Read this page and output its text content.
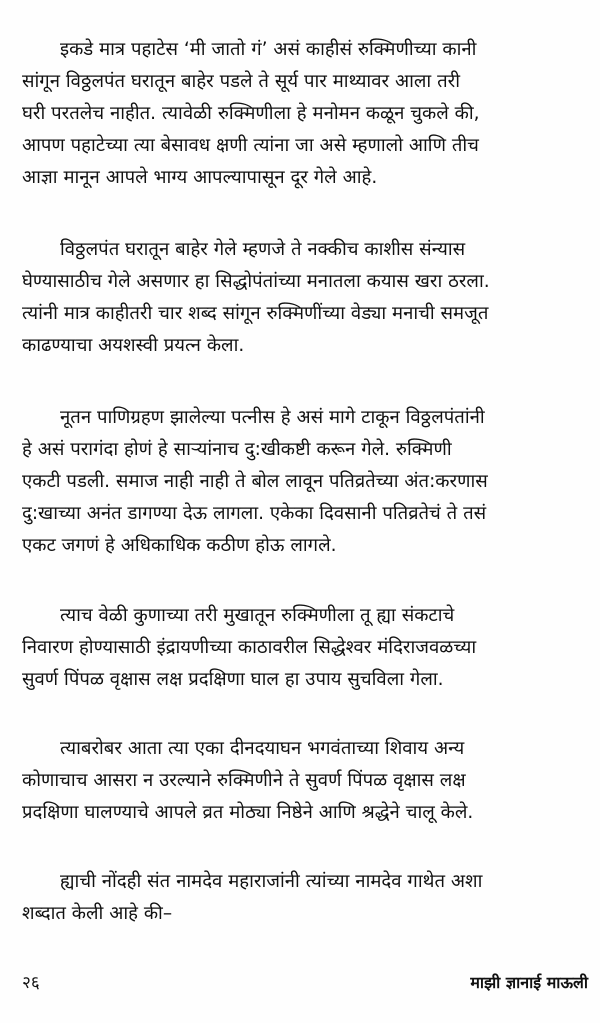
इकडे मात्र पहाटेस ‘मी जातो गं’ असं काहीसं रुक्मिणीच्या कानी
सांगून विठ्ठलपंत घरातून बाहेर पडले ते सूर्य पार माथ्यावर आला तरी
घरी परतलेच नाहीत. त्यावेळी रुक्मिणीला हे मनोमन कळून चुकले की,
आपण पहाटेच्या त्या बेसावध क्षणी त्यांना जा असे म्हणालो आणि तीच
आज्ञा मानून आपले भाग्य आपल्यापासून दूर गेले आहे.
विठ्ठलपंत घरातून बाहेर गेले म्हणजे ते नक्कीच काशीस संन्यास
घेण्यासाठीच गेले असणार हा सिद्धोपंतांच्या मनातला कयास खरा ठरला.
त्यांनी मात्र काहीतरी चार शब्द सांगून रुक्मिणींच्या वेड्या मनाची समजूत
काढण्याचा अयशस्वी प्रयत्न केला.
नूतन पाणिग्रहण झालेल्या पत्नीस हे असं मागे टाकून विठ्ठलपंतांनी
हे असं परागंदा होणं हे साऱ्यांनाच दु:खीकष्टी करून गेले. रुक्मिणी
एकटी पडली. समाज नाही नाही ते बोल लावून पतिव्रतेच्या अंत:करणास
दु:खाच्या अनंत डागण्या देऊ लागला. एकेका दिवसानी पतिव्रतेचं ते तसं
एकट जगणं हे अधिकाधिक कठीण होऊ लागले.
त्याच वेळी कुणाच्या तरी मुखातून रुक्मिणीला तू ह्या संकटाचे
निवारण होण्यासाठी इंद्रायणीच्या काठावरील सिद्धेश्वर मंदिराजवळच्या
सुवर्ण पिंपळ वृक्षास लक्ष प्रदक्षिणा घाल हा उपाय सुचविला गेला.
त्याबरोबर आता त्या एका दीनदयाघन भगवंताच्या शिवाय अन्य
कोणाचाच आसरा न उरल्याने रुक्मिणीने ते सुवर्ण पिंपळ वृक्षास लक्ष
प्रदक्षिणा घालण्याचे आपले व्रत मोठ्या निष्ठेने आणि श्रद्धेने चालू केले.
ह्याची नोंदही संत नामदेव महाराजांनी त्यांच्या नामदेव गाथेत अशा
शब्दात केली आहे की–
२६	माझी ज्ञानाई माऊली
